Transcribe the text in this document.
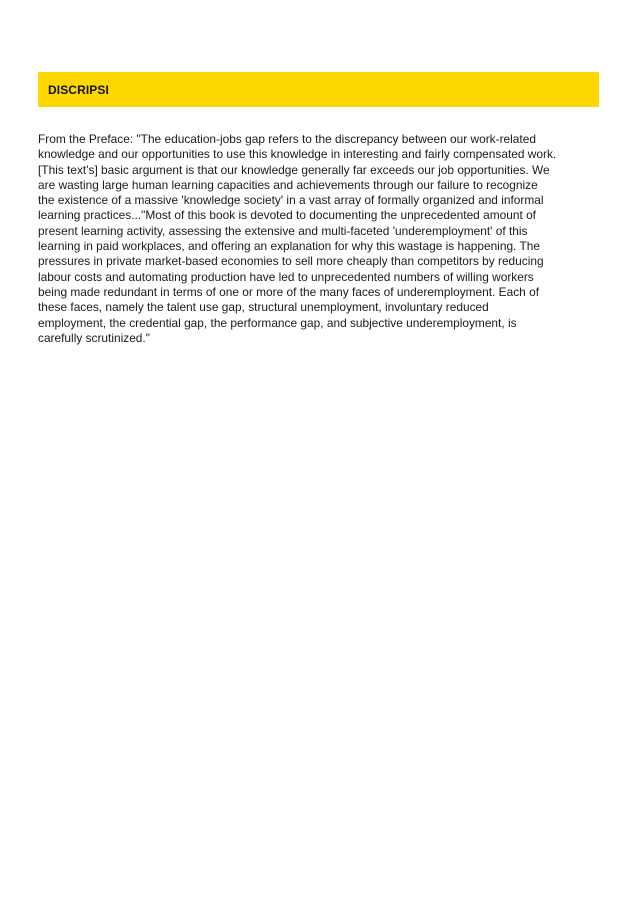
DISCRIPSI

From the Preface: "The education-jobs gap refers to the discrepancy between our work-related
knowledge and our opportunities to use this knowledge in interesting and fairly compensated work.
[This text's] basic argument is that our knowledge generally far exceeds our job opportunities. We
are wasting large human learning capacities and achievements through our failure to recognize
the existence of a massive 'knowledge society' in a vast array of formally organized and informal
learning practices..."Most of this book is devoted to documenting the unprecedented amount of
present learning activity, assessing the extensive and multi-faceted 'underemployment' of this
learning in paid workplaces, and offering an explanation for why this wastage is happening. The
pressures in private market-based economies to sell more cheaply than competitors by reducing
labour costs and automating production have led to unprecedented numbers of willing workers
being made redundant in terms of one or more of the many faces of underemployment. Each of
these faces, namely the talent use gap, structural unemployment, involuntary reduced
employment, the credential gap, the performance gap, and subjective underemployment, is
carefully scrutinized."
